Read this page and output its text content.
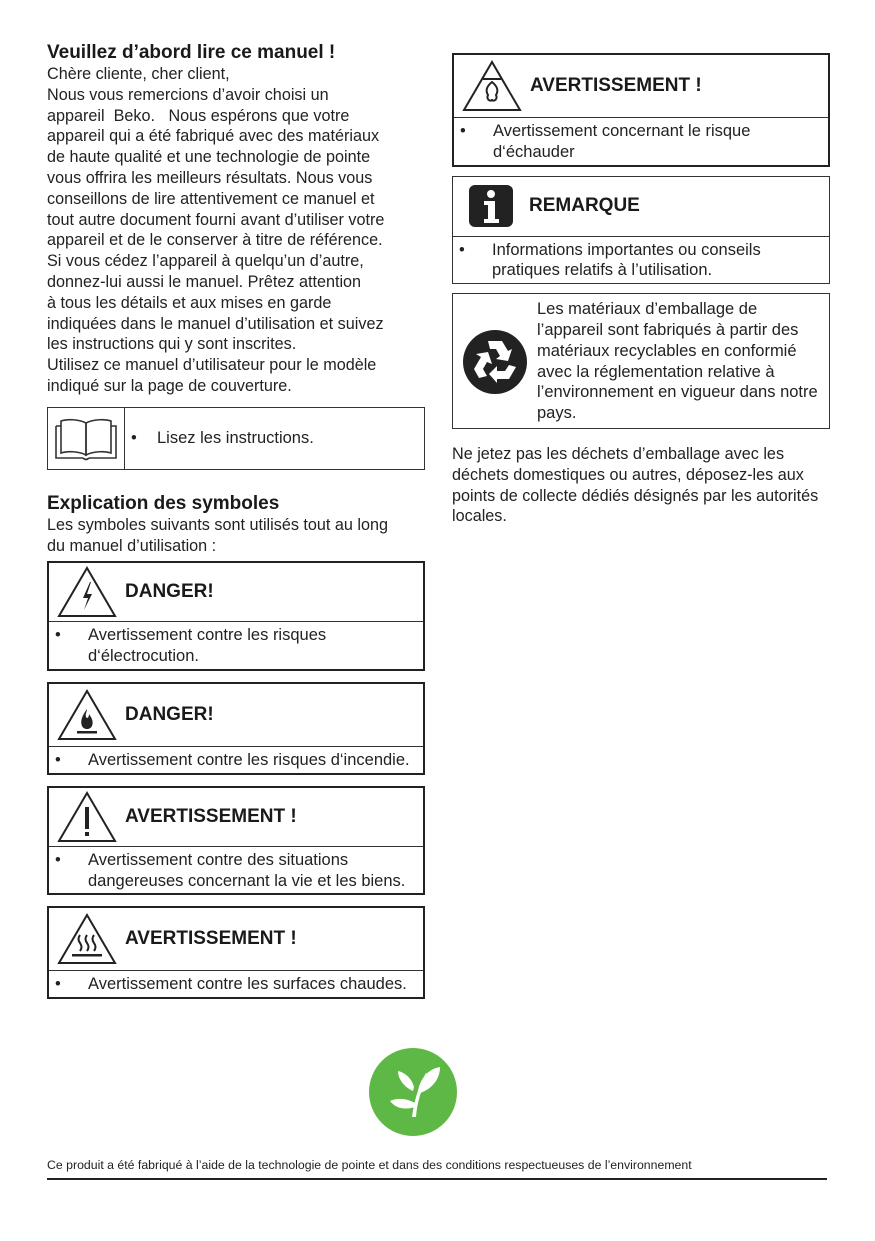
Veuillez d’abord lire ce manuel !

Chère cliente, cher client,
Nous vous remercions d’avoir choisi un
appareil  Beko.   Nous espérons que votre
appareil qui a été fabriqué avec des matériaux
de haute qualité et une technologie de pointe
vous offrira les meilleurs résultats. Nous vous
conseillons de lire attentivement ce manuel et
tout autre document fourni avant d’utiliser votre
appareil et de le conserver à titre de référence.
Si vous cédez l’appareil à quelqu’un d’autre,
donnez-lui aussi le manuel. Prêtez attention
à tous les détails et aux mises en garde
indiquées dans le manuel d’utilisation et suivez
les instructions qui y sont inscrites.
Utilisez ce manuel d’utilisateur pour le modèle
indiqué sur la page de couverture.

•	Lisez les instructions.
Explication des symboles

Les symboles suivants sont utilisés tout au long
du manuel d’utilisation :

DANGER!
•	Avertissement contre les risques d‘électrocution.
DANGER!
•	Avertissement contre les risques d‘incendie.
AVERTISSEMENT !
•	Avertissement contre des situations dangereuses concernant la vie et les biens.
AVERTISSEMENT !
•	Avertissement contre les surfaces chaudes.
AVERTISSEMENT !
•	Avertissement concernant le risque d‘échauder
REMARQUE
•	Informations importantes ou conseils pratiques relatifs à l’utilisation.
Les matériaux d’emballage de l’appareil sont fabriqués à partir des matériaux recyclables en conformié avec la réglementation relative à l’environnement en vigueur dans notre pays.

Ne jetez pas les déchets d’emballage avec les déchets domestiques ou autres, déposez-les aux points de collecte dédiés désignés par les autorités locales.

Ce produit a été fabriqué à l’aide de la technologie de pointe et dans des conditions respectueuses de l’environnement
